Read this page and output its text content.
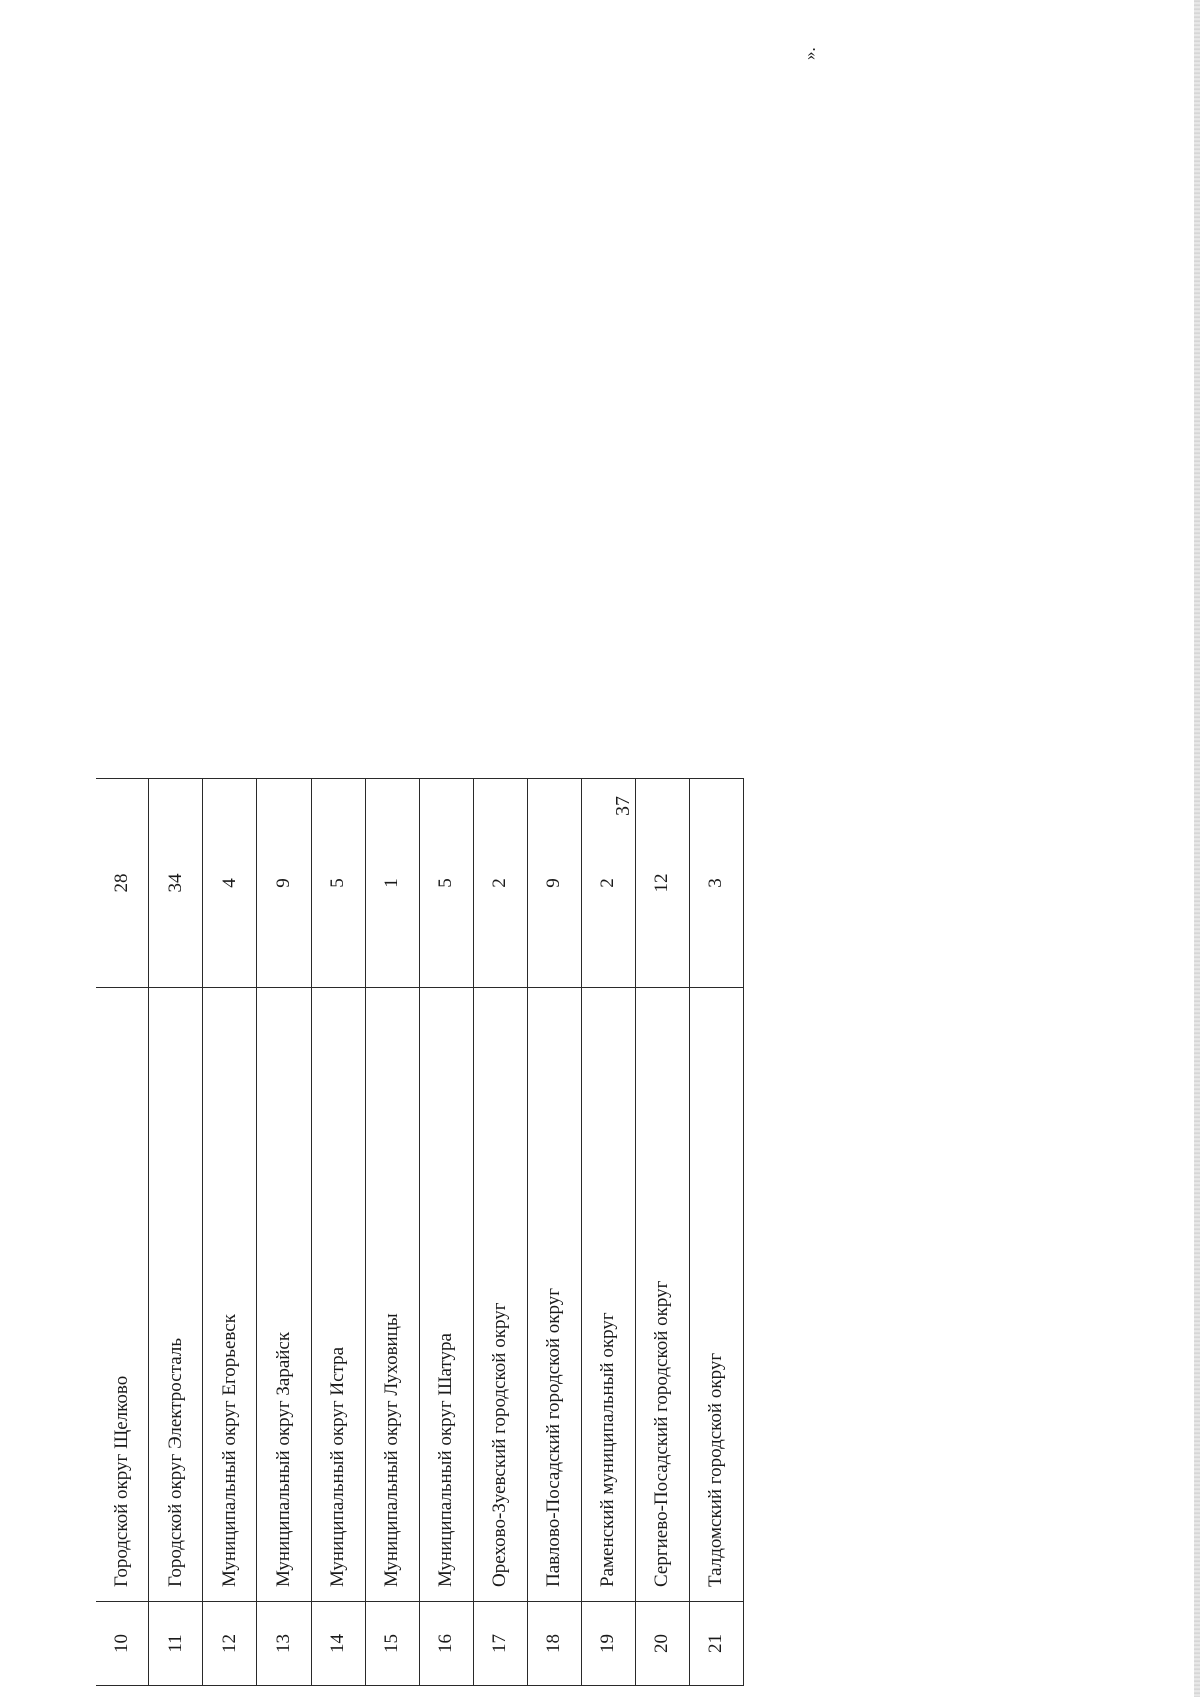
37
».
10	Городской округ Щелково	28
11	Городской округ Электросталь	34
12	Муниципальный округ Егорьевск	4
13	Муниципальный округ Зарайск	9
14	Муниципальный округ Истра	5
15	Муниципальный округ Луховицы	1
16	Муниципальный округ Шатура	5
17	Орехово-Зуевский городской округ	2
18	Павлово-Посадский городской округ	9
19	Раменский муниципальный округ	2
20	Сергиево-Посадский городской округ	12
21	Талдомский городской округ	3
